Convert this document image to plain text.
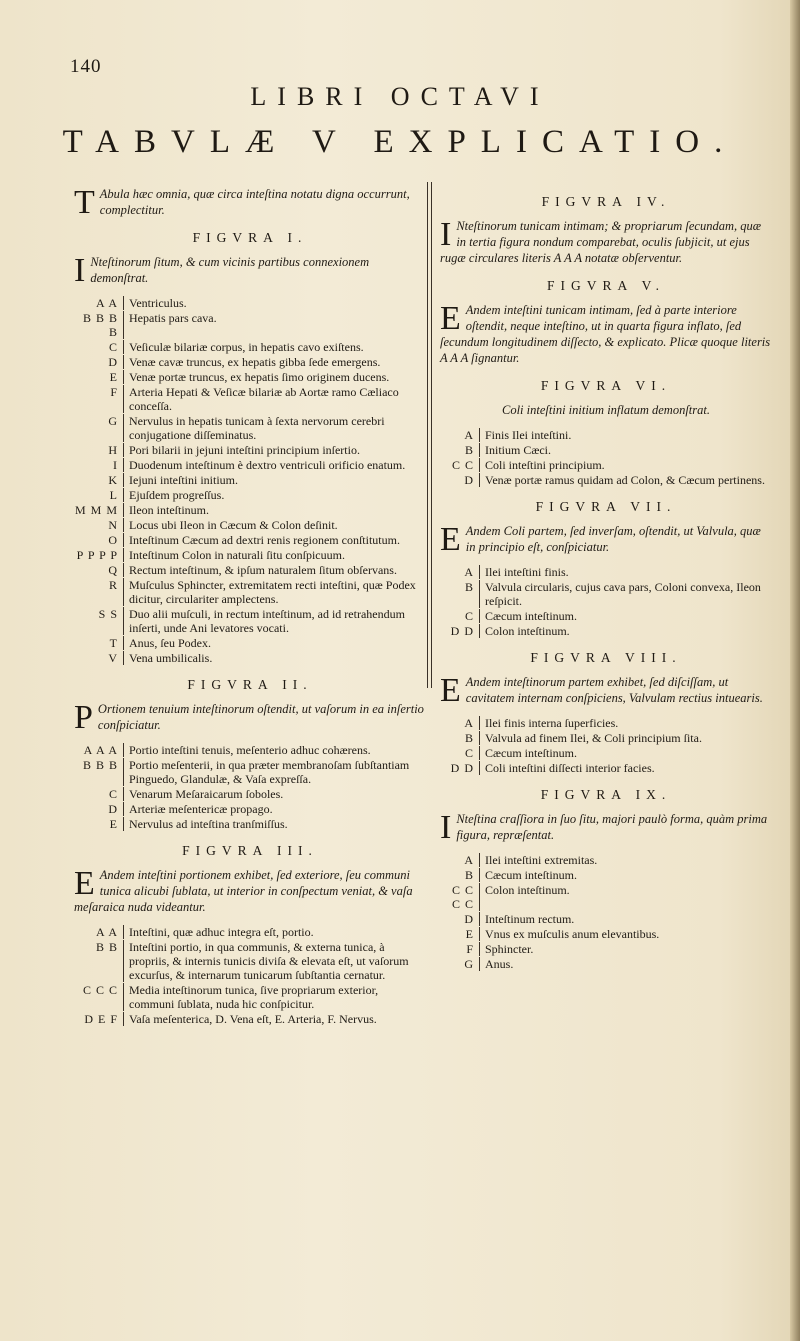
140
LIBRI OCTAVI
TABVLÆ V EXPLICATIO.
T Abula hæc omnia, quæ circa inteſtina notatu digna occurrunt, complectitur.
FIGVRA I.
I Nteſtinorum ſitum, & cum vicinis partibus connexionem demonſtrat.
A A Ventriculus.
B B B B
Hepatis pars cava.
C Veſiculæ bilariæ corpus, in hepatis cavo exiſtens.
D Venæ cavæ truncus, ex hepatis gibba ſede emergens.
E Venæ portæ truncus, ex hepatis ſimo originem ducens.
F Arteria Hepati & Veſicæ bilariæ ab Aortæ ramo Cæliaco conceſſa.
G Nervulus in hepatis tunicam à ſexta nervorum cerebri conjugatione diſſeminatus.
H Pori bilarii in jejuni inteſtini principium inſertio.
I Duodenum inteſtinum è dextro ventriculi orificio enatum.
K Iejuni inteſtini initium.
L Ejuſdem progreſſus.
M M M Ileon inteſtinum.
N Locus ubi Ileon in Cæcum & Colon deſinit.
O Inteſtinum Cæcum ad dextri renis regionem conſtitutum.
P P P P Inteſtinum Colon in naturali ſitu conſpicuum.
Q Rectum inteſtinum, & ipſum naturalem ſitum obſervans.
R Muſculus Sphincter, extremitatem recti inteſtini, quæ Podex dicitur, circulariter amplectens.
S S Duo alii muſculi, in rectum inteſtinum, ad id retrahendum inſerti, unde Ani levatores vocati.
T Anus, ſeu Podex.
V Vena umbilicalis.
FIGVRA II.
P Ortionem tenuium inteſtinorum oſtendit, ut vaſorum in ea inſertio conſpiciatur.
A A A Portio inteſtini tenuis, meſenterio adhuc cohærens.
B B B Portio meſenterii, in qua præter membranoſam ſubſtantiam Pinguedo, Glandulæ, & Vaſa expreſſa.
C Venarum Meſaraicarum ſoboles.
D Arteriæ meſentericæ propago.
E Nervulus ad inteſtina tranſmiſſus.
FIGVRA III.
E Andem inteſtini portionem exhibet, ſed exteriore, ſeu communi tunica alicubi ſublata, ut interior in conſpectum veniat, & vaſa meſaraica nuda videantur.
A A Inteſtini, quæ adhuc integra eſt, portio.
B B Inteſtini portio, in qua communis, & externa tunica, à propriis, & internis tunicis diviſa & elevata eſt, ut vaſorum excurſus, & internarum tunicarum ſubſtantia cernatur.
C C C Media inteſtinorum tunica, ſive propriarum exterior, communi ſublata, nuda hic conſpicitur.
D E F Vaſa meſenterica, D. Vena eſt, E. Arteria, F. Nervus.
FIGVRA IV.
I Nteſtinorum tunicam intimam; & propriarum ſecundam, quæ in tertia figura nondum comparebat, oculis ſubjicit, ut ejus rugæ circulares literis A A A notatæ obſerventur.
FIGVRA V.
E Andem inteſtini tunicam intimam, ſed à parte interiore oſtendit, neque inteſtino, ut in quarta figura inflato, ſed ſecundum longitudinem diſſecto, & explicato. Plicæ quoque literis A A A ſignantur.
FIGVRA VI.
Coli inteſtini initium inflatum demonſtrat.
A Finis Ilei inteſtini.
B Initium Cæci.
C C Coli inteſtini principium.
D Venæ portæ ramus quidam ad Colon, & Cæcum pertinens.
FIGVRA VII.
E Andem Coli partem, ſed inverſam, oſtendit, ut Valvula, quæ in principio eſt, conſpiciatur.
A Ilei inteſtini finis.
B Valvula circularis, cujus cava pars, Coloni convexa, Ileon reſpicit.
C Cæcum inteſtinum.
D D Colon inteſtinum.
FIGVRA VIII.
E Andem inteſtinorum partem exhibet, ſed diſciſſam, ut cavitatem internam conſpiciens, Valvulam rectius intuearis.
A Ilei finis interna ſuperficies.
B Valvula ad finem Ilei, & Coli principium ſita.
C Cæcum inteſtinum.
D D Coli inteſtini diſſecti interior facies.
FIGVRA IX.
I Nteſtina craſſiora in ſuo ſitu, majori paulò forma, quàm prima figura, repræſentat.
A Ilei inteſtini extremitas.
B Cæcum inteſtinum.
C C C C
Colon inteſtinum.
D Inteſtinum rectum.
E Vnus ex muſculis anum elevantibus.
F Sphincter.
G Anus.
